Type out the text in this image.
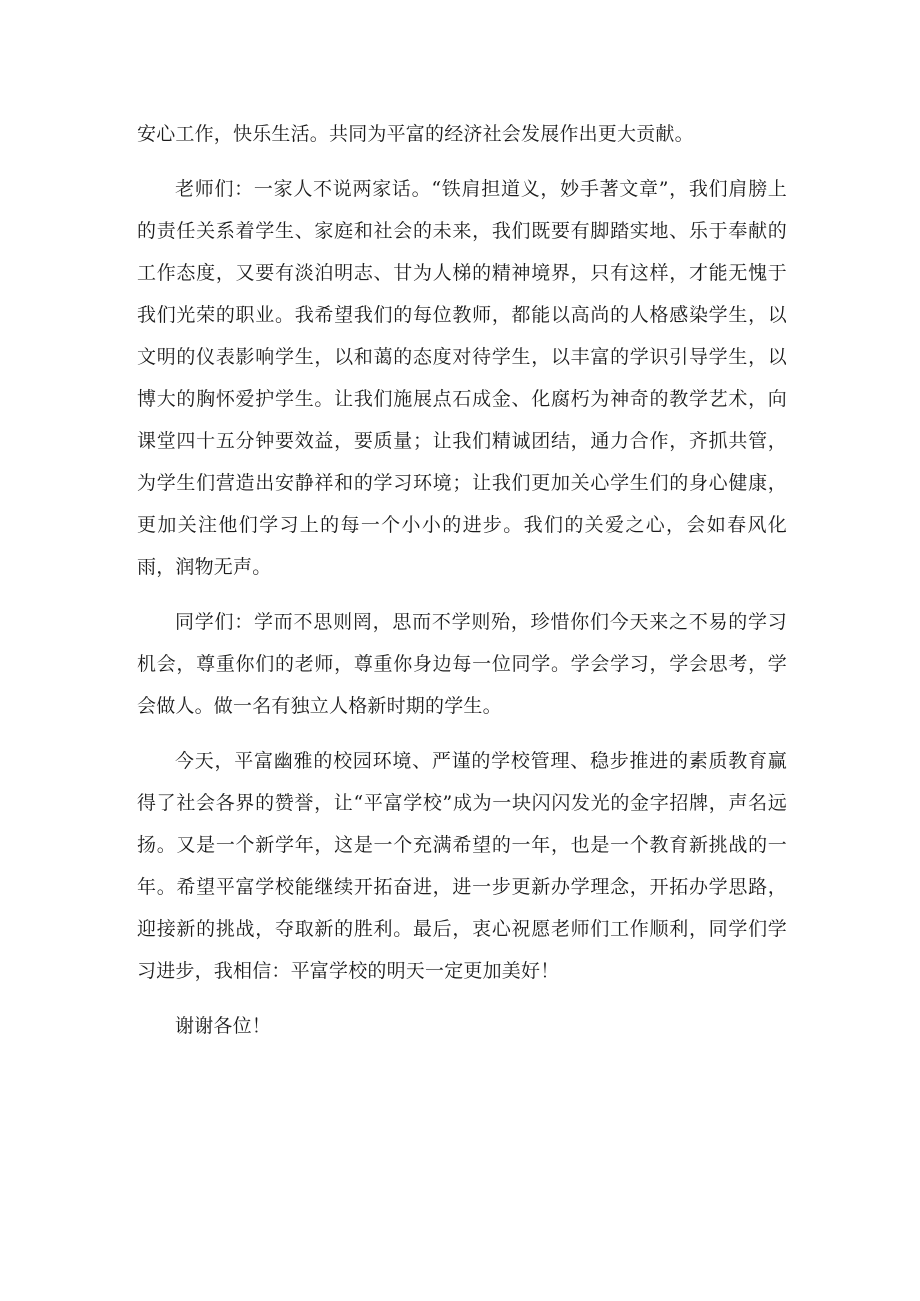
安心工作，快乐生活。共同为平富的经济社会发展作出更大贡献。

老师们：一家人不说两家话。“铁肩担道义，妙手著文章”，我们肩膀上的责任关系着学生、家庭和社会的未来，我们既要有脚踏实地、乐于奉献的工作态度，又要有淡泊明志、甘为人梯的精神境界，只有这样，才能无愧于我们光荣的职业。我希望我们的每位教师，都能以高尚的人格感染学生，以文明的仪表影响学生，以和蔼的态度对待学生，以丰富的学识引导学生，以博大的胸怀爱护学生。让我们施展点石成金、化腐朽为神奇的教学艺术，向课堂四十五分钟要效益，要质量；让我们精诚团结，通力合作，齐抓共管，为学生们营造出安静祥和的学习环境；让我们更加关心学生们的身心健康，更加关注他们学习上的每一个小小的进步。我们的关爱之心，会如春风化雨，润物无声。

同学们：学而不思则罔，思而不学则殆，珍惜你们今天来之不易的学习机会，尊重你们的老师，尊重你身边每一位同学。学会学习，学会思考，学会做人。做一名有独立人格新时期的学生。

今天，平富幽雅的校园环境、严谨的学校管理、稳步推进的素质教育赢得了社会各界的赞誉，让“平富学校”成为一块闪闪发光的金字招牌，声名远扬。又是一个新学年，这是一个充满希望的一年，也是一个教育新挑战的一年。希望平富学校能继续开拓奋进，进一步更新办学理念，开拓办学思路，迎接新的挑战，夺取新的胜利。最后，衷心祝愿老师们工作顺利，同学们学习进步，我相信：平富学校的明天一定更加美好！

谢谢各位！
